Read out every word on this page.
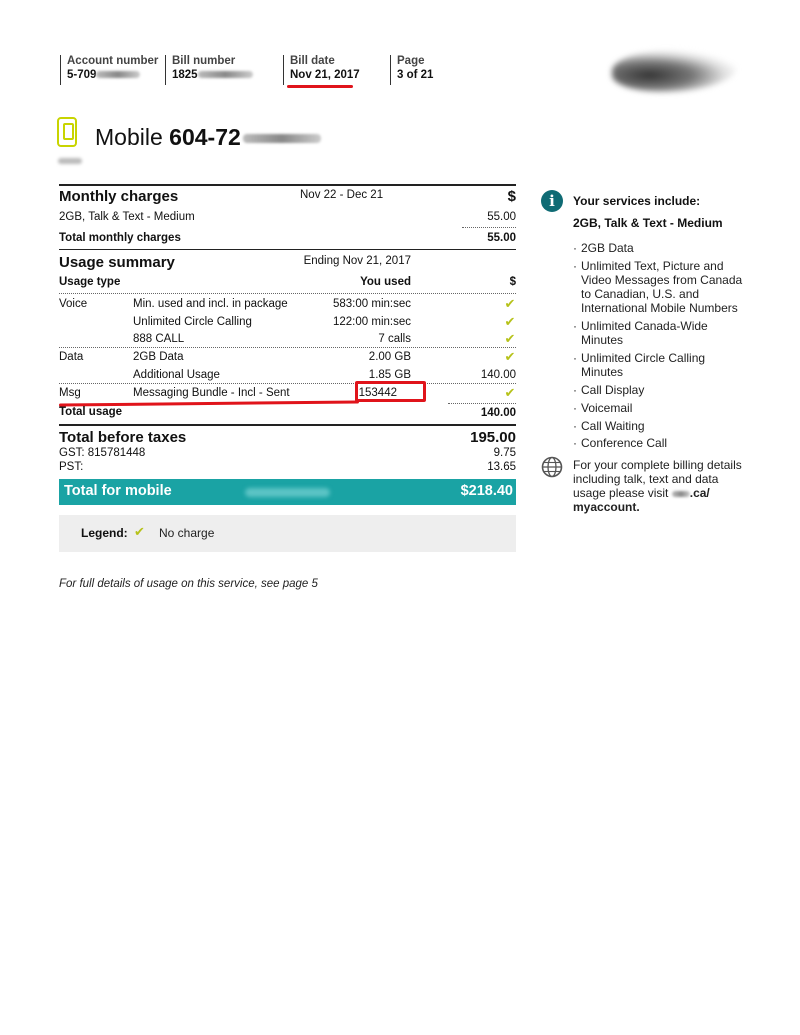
Account number
5-709
Bill number
1825
Bill date
Nov 21, 2017
Page
3 of 21
Mobile 604-72
Monthly charges	Nov 22 - Dec 21	$
2GB, Talk & Text - Medium	55.00
Total monthly charges	55.00
Usage summary	Ending Nov 21, 2017
Usage type	You used	$
Voice	Min. used and incl. in package	583:00 min:sec	✔
Unlimited Circle Calling	122:00 min:sec	✔
888 CALL	7 calls	✔
Data	2GB Data	2.00 GB	✔
Additional Usage	1.85 GB	140.00
Msg	Messaging Bundle - Incl - Sent	153442	✔
Total usage	140.00
Total before taxes	195.00
GST: 815781448	9.75
PST:	13.65
Total for mobile	$218.40
Legend: ✔ No charge
For full details of usage on this service, see page 5
i	Your services include:
2GB, Talk & Text - Medium
· 2GB Data
· Unlimited Text, Picture and Video Messages from Canada to Canadian, U.S. and International Mobile Numbers
· Unlimited Canada-Wide Minutes
· Unlimited Circle Calling Minutes
· Call Display
· Voicemail
· Call Waiting
· Conference Call
For your complete billing details including talk, text and data usage please visit .ca/
myaccount.
